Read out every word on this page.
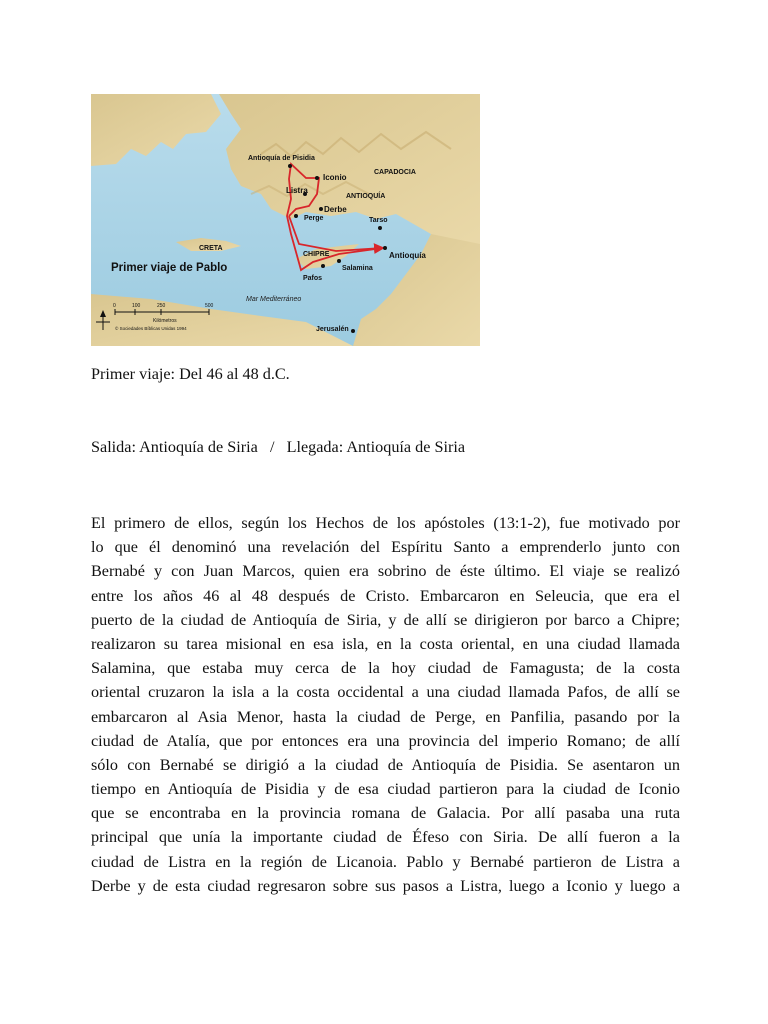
Antioquía de Pisidia
Iconio
CAPADOCIA
Listra
ANTIOQUÍA
Derbe
Perge	Tarso
CRETA
CHIPRE	Antioquía
Salamina
Pafos
Jerusalén
Primer viaje de Pablo
Mar Mediterráneo
0	100	250	500
Kilómetros
© Sociedades Bíblicas Unidas 1994
Primer viaje: Del 46 al 48 d.C.
Salida: Antioquía de Siria   /   Llegada: Antioquía de Siria
El primero de ellos, según los Hechos de los apóstoles (13:1-2), fue motivado por
lo que él denominó una revelación del Espíritu Santo a emprenderlo junto con
Bernabé y con Juan Marcos, quien era sobrino de éste último. El viaje se realizó
entre los años 46 al 48 después de Cristo. Embarcaron en Seleucia, que era el
puerto de la ciudad de Antioquía de Siria, y de allí se dirigieron por barco a Chipre;
realizaron su tarea misional en esa isla, en la costa oriental, en una ciudad llamada
Salamina, que estaba muy cerca de la hoy ciudad de Famagusta; de la costa
oriental cruzaron la isla a la costa occidental a una ciudad llamada Pafos, de allí se
embarcaron al Asia Menor, hasta la ciudad de Perge, en Panfilia, pasando por la
ciudad de Atalía, que por entonces era una provincia del imperio Romano; de allí
sólo con Bernabé se dirigió a la ciudad de Antioquía de Pisidia. Se asentaron un
tiempo en Antioquía de Pisidia y de esa ciudad partieron para la ciudad de Iconio
que se encontraba en la provincia romana de Galacia. Por allí pasaba una ruta
principal que unía la importante ciudad de Éfeso con Siria. De allí fueron a la
ciudad de Listra en la región de Licanoia. Pablo y Bernabé partieron de Listra a
Derbe y de esta ciudad regresaron sobre sus pasos a Listra, luego a Iconio y luego a
